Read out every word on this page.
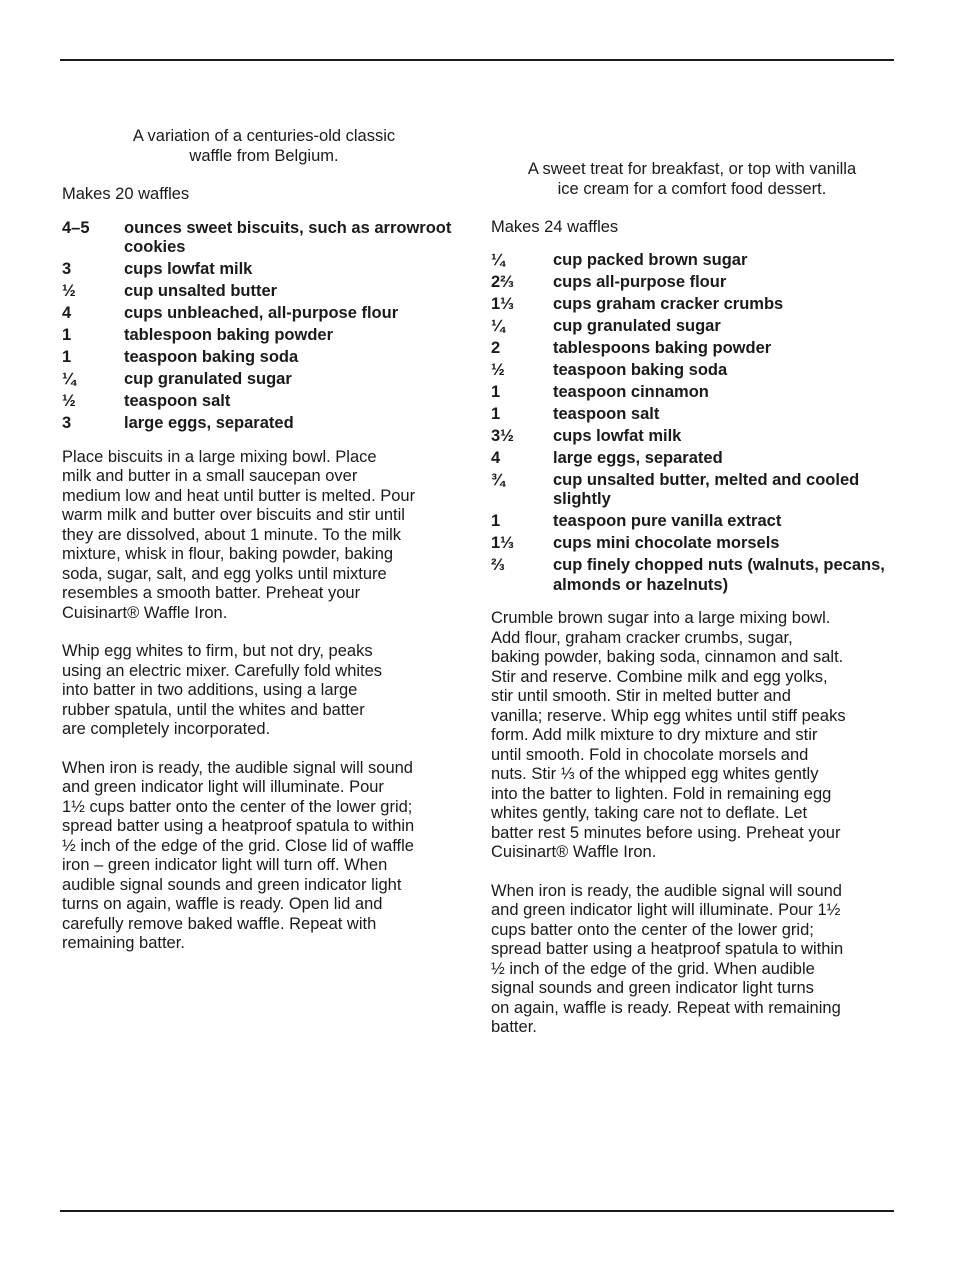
A variation of a centuries-old classic
waffle from Belgium.

Makes 20 waffles

4–5	ounces sweet biscuits, such as arrowroot cookies
3	cups lowfat milk
½	cup unsalted butter
4	cups unbleached, all-purpose flour
1	tablespoon baking powder
1	teaspoon baking soda
¼	cup granulated sugar
½	teaspoon salt
3	large eggs, separated

Place biscuits in a large mixing bowl. Place
milk and butter in a small saucepan over
medium low and heat until butter is melted. Pour
warm milk and butter over biscuits and stir until
they are dissolved, about 1 minute. To the milk
mixture, whisk in flour, baking powder, baking
soda, sugar, salt, and egg yolks until mixture
resembles a smooth batter. Preheat your
Cuisinart® Waffle Iron.

Whip egg whites to firm, but not dry, peaks
using an electric mixer. Carefully fold whites
into batter in two additions, using a large
rubber spatula, until the whites and batter
are completely incorporated.

When iron is ready, the audible signal will sound
and green indicator light will illuminate. Pour
1½ cups batter onto the center of the lower grid;
spread batter using a heatproof spatula to within
½ inch of the edge of the grid. Close lid of waffle
iron – green indicator light will turn off. When
audible signal sounds and green indicator light
turns on again, waffle is ready. Open lid and
carefully remove baked waffle. Repeat with
remaining batter.

A sweet treat for breakfast, or top with vanilla
ice cream for a comfort food dessert.

Makes 24 waffles

¼	cup packed brown sugar
2⅔	cups all-purpose flour
1⅓	cups graham cracker crumbs
¼	cup granulated sugar
2	tablespoons baking powder
½	teaspoon baking soda
1	teaspoon cinnamon
1	teaspoon salt
3½	cups lowfat milk
4	large eggs, separated
¾	cup unsalted butter, melted and cooled slightly
1	teaspoon pure vanilla extract
1⅓	cups mini chocolate morsels
⅔	cup finely chopped nuts (walnuts, pecans, almonds or hazelnuts)

Crumble brown sugar into a large mixing bowl.
Add flour, graham cracker crumbs, sugar,
baking powder, baking soda, cinnamon and salt.
Stir and reserve. Combine milk and egg yolks,
stir until smooth. Stir in melted butter and
vanilla; reserve. Whip egg whites until stiff peaks
form. Add milk mixture to dry mixture and stir
until smooth. Fold in chocolate morsels and
nuts. Stir ⅓ of the whipped egg whites gently
into the batter to lighten. Fold in remaining egg
whites gently, taking care not to deflate. Let
batter rest 5 minutes before using. Preheat your
Cuisinart® Waffle Iron.

When iron is ready, the audible signal will sound
and green indicator light will illuminate. Pour 1½
cups batter onto the center of the lower grid;
spread batter using a heatproof spatula to within
½ inch of the edge of the grid. When audible
signal sounds and green indicator light turns
on again, waffle is ready. Repeat with remaining
batter.
